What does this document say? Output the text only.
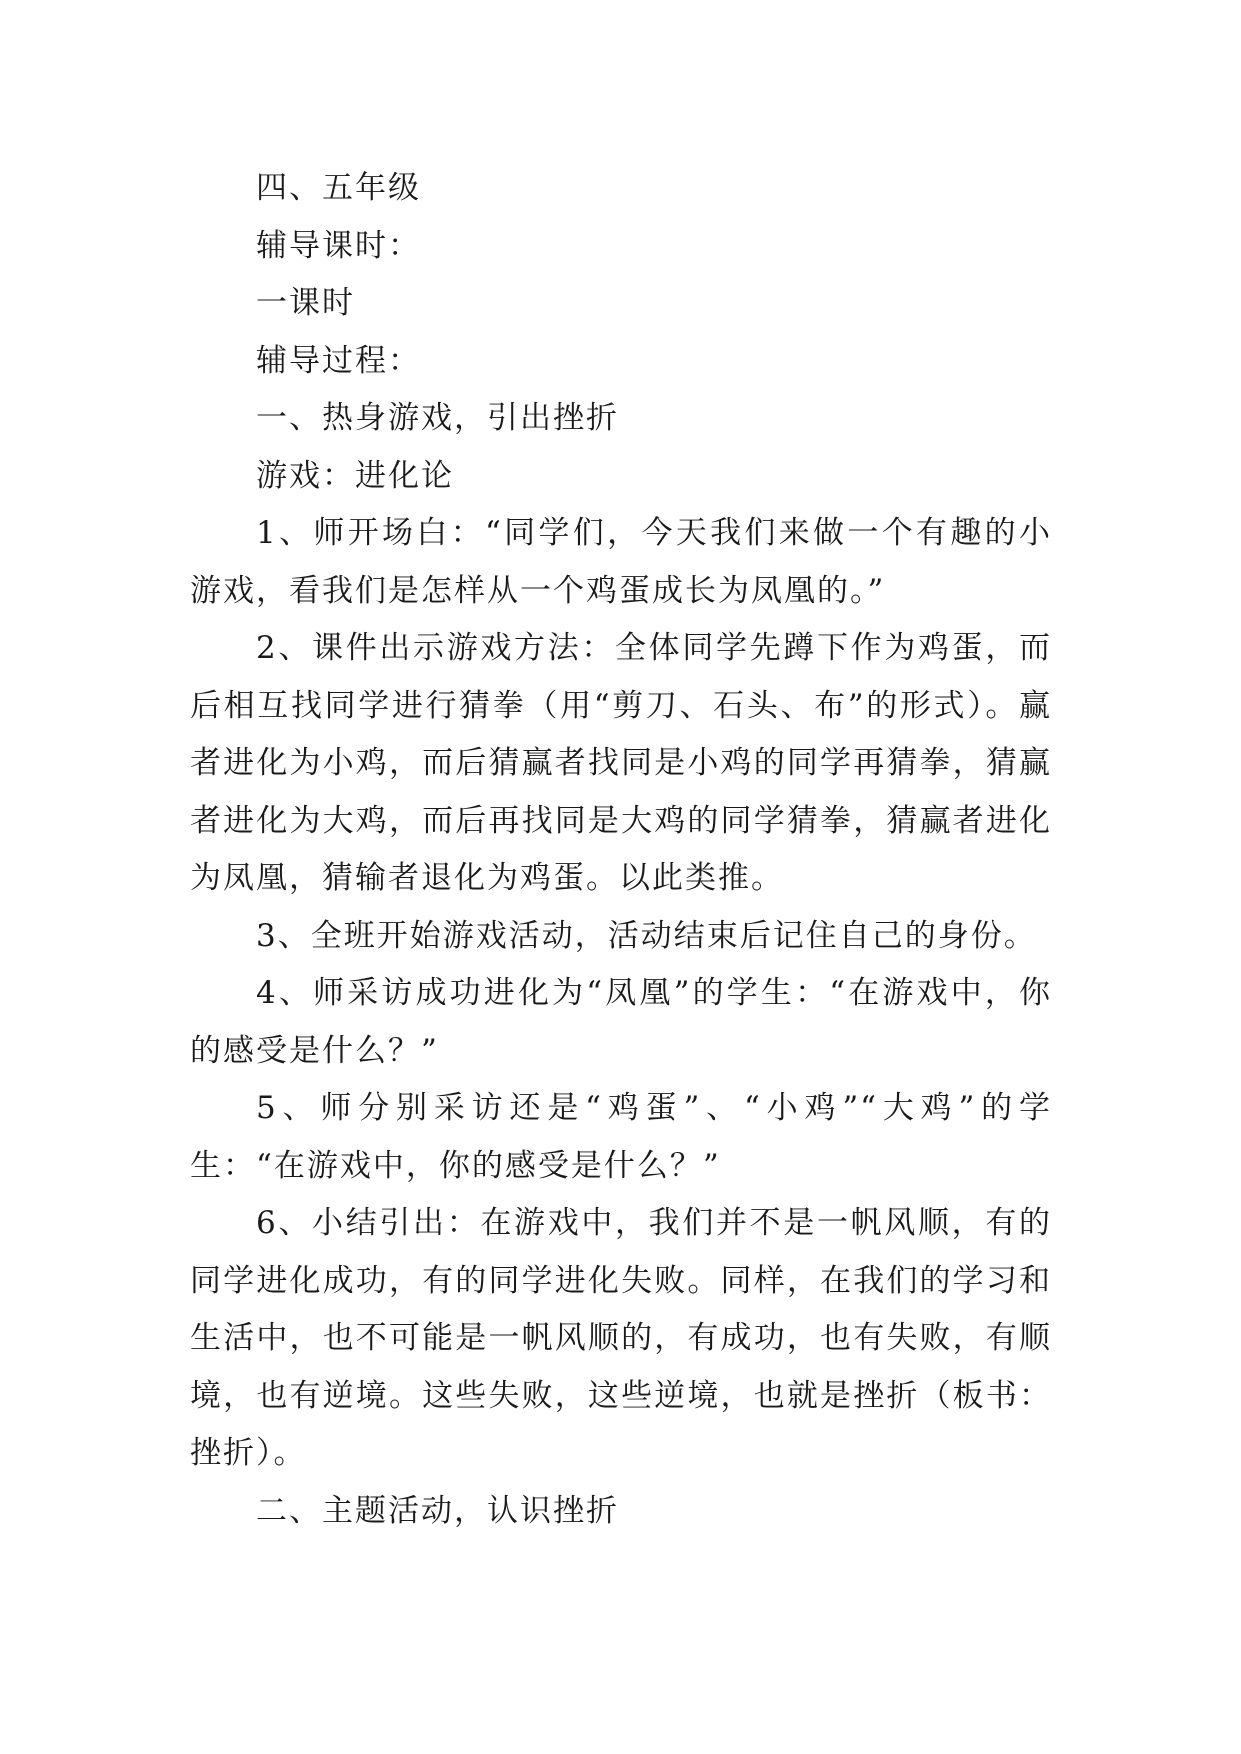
四、五年级

辅导课时：

一课时

辅导过程：

一、热身游戏，引出挫折

游戏：进化论

1、师开场白：“同学们，今天我们来做一个有趣的小游戏，看我们是怎样从一个鸡蛋成长为凤凰的。”

2、课件出示游戏方法：全体同学先蹲下作为鸡蛋，而后相互找同学进行猜拳（用“剪刀、石头、布”的形式）。赢者进化为小鸡，而后猜赢者找同是小鸡的同学再猜拳，猜赢者进化为大鸡，而后再找同是大鸡的同学猜拳，猜赢者进化为凤凰，猜输者退化为鸡蛋。以此类推。

3、全班开始游戏活动，活动结束后记住自己的身份。

4、师采访成功进化为“凤凰”的学生：“在游戏中，你的感受是什么？”

5、师分别采访还是“鸡蛋”、“小鸡”“大鸡”的学生：“在游戏中，你的感受是什么？”

6、小结引出：在游戏中，我们并不是一帆风顺，有的同学进化成功，有的同学进化失败。同样，在我们的学习和生活中，也不可能是一帆风顺的，有成功，也有失败，有顺境，也有逆境。这些失败，这些逆境，也就是挫折（板书：挫折）。

二、主题活动，认识挫折
